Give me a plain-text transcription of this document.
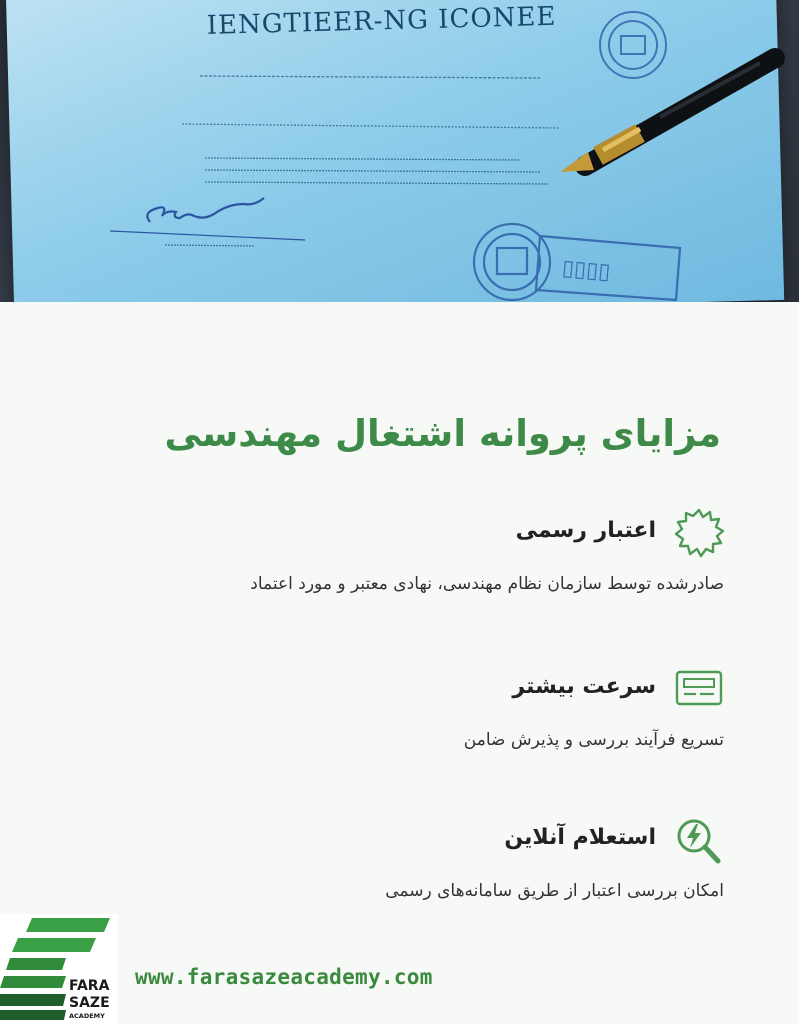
IENGTIEER-NG ICONEE
▯▯▯▯
مزایای پروانه اشتغال مهندسی
اعتبار رسمی
صادرشده توسط سازمان نظام مهندسی، نهادی معتبر و مورد اعتماد
سرعت بیشتر
تسریع فرآیند بررسی و پذیرش ضامن
استعلام آنلاین
امکان بررسی اعتبار از طریق سامانه‌های رسمی
FARA
SAZE
ACADEMY
www.farasazeacademy.com
